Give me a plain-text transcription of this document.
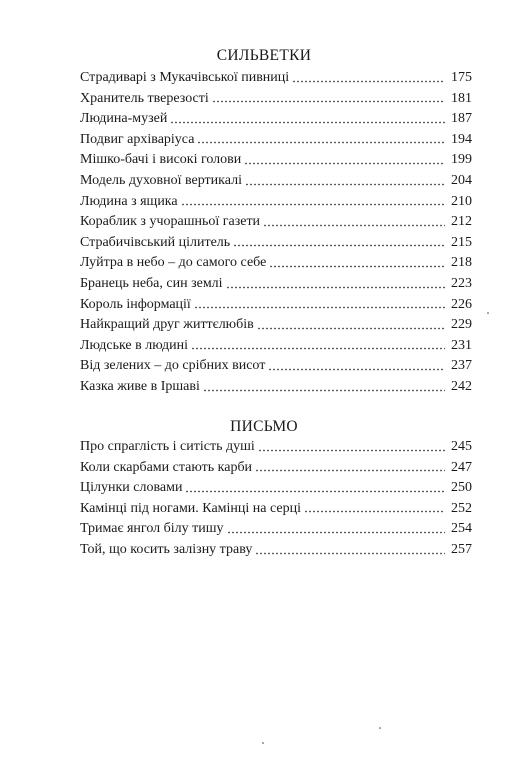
СИЛЬВЕТКИ
Страдиварі з Мукачівської пивниці	175
Хранитель тверезості	181
Людина-музей	187
Подвиг архіваріуса	194
Мішко-бачі і високі голови	199
Модель духовної вертикалі	204
Людина з ящика	210
Кораблик з учорашньої газети	212
Страбичівський цілитель	215
Луйтра в небо – до самого себе	218
Бранець неба, син землі	223
Король інформації	226
Найкращий друг життєлюбів	229
Людське в людині	231
Від зелених – до срібних висот	237
Казка живе в Іршаві	242
ПИСЬМО
Про спраглість і ситість душі	245
Коли скарбами стають карби	247
Цілунки словами	250
Камінці під ногами. Камінці на серці	252
Тримає янгол білу тишу	254
Той, що косить залізну траву	257
